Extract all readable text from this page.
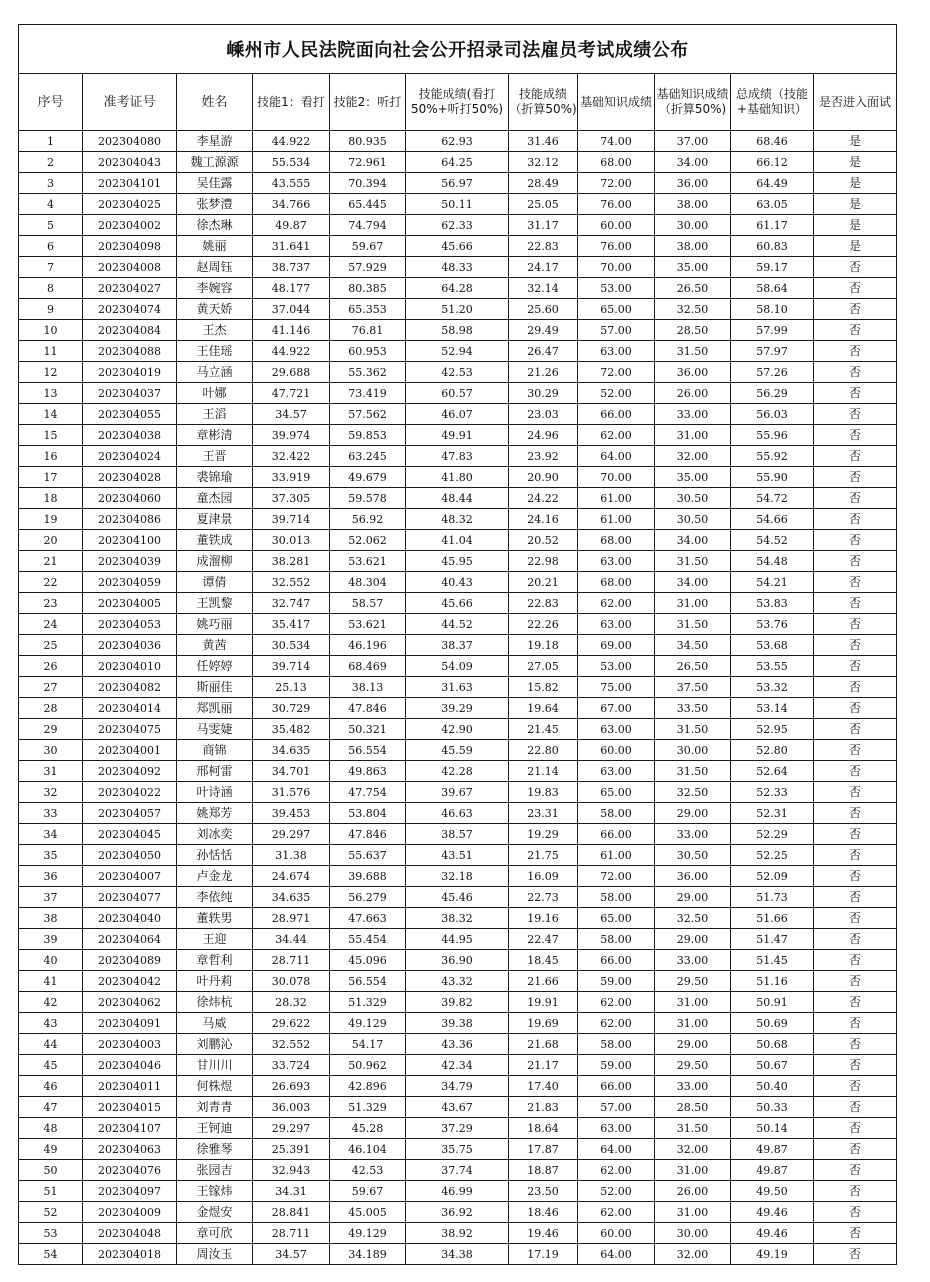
嵊州市人民法院面向社会公开招录司法雇员考试成绩公布										
序号	准考证号	姓名	技能1：看打	技能2：听打	技能成绩(看打50%+听打50%)	技能成绩（折算50%)	基础知识成绩	基础知识成绩（折算50%)	总成绩（技能+基础知识）	是否进入面试
1	202304080	李星游	44.922	80.935	62.93	31.46	74.00	37.00	68.46	是
2	202304043	魏工源源	55.534	72.961	64.25	32.12	68.00	34.00	66.12	是
3	202304101	吴佳露	43.555	70.394	56.97	28.49	72.00	36.00	64.49	是
4	202304025	张梦澧	34.766	65.445	50.11	25.05	76.00	38.00	63.05	是
5	202304002	徐杰琳	49.87	74.794	62.33	31.17	60.00	30.00	61.17	是
6	202304098	姚丽	31.641	59.67	45.66	22.83	76.00	38.00	60.83	是
7	202304008	赵周钰	38.737	57.929	48.33	24.17	70.00	35.00	59.17	否
8	202304027	李婉容	48.177	80.385	64.28	32.14	53.00	26.50	58.64	否
9	202304074	黄天娇	37.044	65.353	51.20	25.60	65.00	32.50	58.10	否
10	202304084	王杰	41.146	76.81	58.98	29.49	57.00	28.50	57.99	否
11	202304088	王佳瑶	44.922	60.953	52.94	26.47	63.00	31.50	57.97	否
12	202304019	马立涵	29.688	55.362	42.53	21.26	72.00	36.00	57.26	否
13	202304037	叶娜	47.721	73.419	60.57	30.29	52.00	26.00	56.29	否
14	202304055	王滔	34.57	57.562	46.07	23.03	66.00	33.00	56.03	否
15	202304038	章彬清	39.974	59.853	49.91	24.96	62.00	31.00	55.96	否
16	202304024	王晋	32.422	63.245	47.83	23.92	64.00	32.00	55.92	否
17	202304028	裘锦瑜	33.919	49.679	41.80	20.90	70.00	35.00	55.90	否
18	202304060	童杰园	37.305	59.578	48.44	24.22	61.00	30.50	54.72	否
19	202304086	夏津景	39.714	56.92	48.32	24.16	61.00	30.50	54.66	否
20	202304100	董铁成	30.013	52.062	41.04	20.52	68.00	34.00	54.52	否
21	202304039	成溜柳	38.281	53.621	45.95	22.98	63.00	31.50	54.48	否
22	202304059	谭倩	32.552	48.304	40.43	20.21	68.00	34.00	54.21	否
23	202304005	王凯黎	32.747	58.57	45.66	22.83	62.00	31.00	53.83	否
24	202304053	姚巧丽	35.417	53.621	44.52	22.26	63.00	31.50	53.76	否
25	202304036	黄茜	30.534	46.196	38.37	19.18	69.00	34.50	53.68	否
26	202304010	任婷婷	39.714	68.469	54.09	27.05	53.00	26.50	53.55	否
27	202304082	斯丽佳	25.13	38.13	31.63	15.82	75.00	37.50	53.32	否
28	202304014	郑凯丽	30.729	47.846	39.29	19.64	67.00	33.50	53.14	否
29	202304075	马雯婕	35.482	50.321	42.90	21.45	63.00	31.50	52.95	否
30	202304001	商锦	34.635	56.554	45.59	22.80	60.00	30.00	52.80	否
31	202304092	邢柯雷	34.701	49.863	42.28	21.14	63.00	31.50	52.64	否
32	202304022	叶诗涵	31.576	47.754	39.67	19.83	65.00	32.50	52.33	否
33	202304057	姚郑芳	39.453	53.804	46.63	23.31	58.00	29.00	52.31	否
34	202304045	刘冰奕	29.297	47.846	38.57	19.29	66.00	33.00	52.29	否
35	202304050	孙恬恬	31.38	55.637	43.51	21.75	61.00	30.50	52.25	否
36	202304007	卢金龙	24.674	39.688	32.18	16.09	72.00	36.00	52.09	否
37	202304077	李依纯	34.635	56.279	45.46	22.73	58.00	29.00	51.73	否
38	202304040	董轶男	28.971	47.663	38.32	19.16	65.00	32.50	51.66	否
39	202304064	王迎	34.44	55.454	44.95	22.47	58.00	29.00	51.47	否
40	202304089	章哲利	28.711	45.096	36.90	18.45	66.00	33.00	51.45	否
41	202304042	叶丹莉	30.078	56.554	43.32	21.66	59.00	29.50	51.16	否
42	202304062	徐炜杭	28.32	51.329	39.82	19.91	62.00	31.00	50.91	否
43	202304091	马威	29.622	49.129	39.38	19.69	62.00	31.00	50.69	否
44	202304003	刘鹏沁	32.552	54.17	43.36	21.68	58.00	29.00	50.68	否
45	202304046	甘川川	33.724	50.962	42.34	21.17	59.00	29.50	50.67	否
46	202304011	何株煜	26.693	42.896	34.79	17.40	66.00	33.00	50.40	否
47	202304015	刘青青	36.003	51.329	43.67	21.83	57.00	28.50	50.33	否
48	202304107	王钶迪	29.297	45.28	37.29	18.64	63.00	31.50	50.14	否
49	202304063	徐雅琴	25.391	46.104	35.75	17.87	64.00	32.00	49.87	否
50	202304076	张园吉	32.943	42.53	37.74	18.87	62.00	31.00	49.87	否
51	202304097	王镓炜	34.31	59.67	46.99	23.50	52.00	26.00	49.50	否
52	202304009	金煜安	28.841	45.005	36.92	18.46	62.00	31.00	49.46	否
53	202304048	章可欣	28.711	49.129	38.92	19.46	60.00	30.00	49.46	否
54	202304018	周汝玉	34.57	34.189	34.38	17.19	64.00	32.00	49.19	否
